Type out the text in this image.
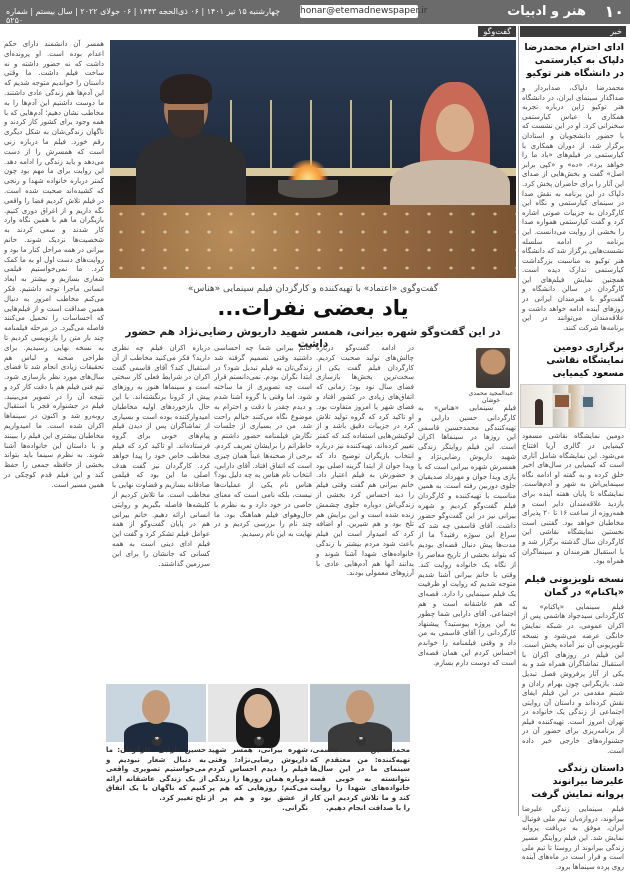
۱۰
هنر و ادبیات
honar@etemadnewspaper.ir
چهارشنبه ۱۵ تیر ۱۴۰۱ | ۰۶ ذی‌الحجه ۱۴۴۳ | ۰۶ جولای ۲۰۲۲ | سال بیستم | شماره ۵۲۵۰
خبر
ادای احترام محمدرضا دلپاک به کیارستمی در دانشگاه هنر توکیو
محمدرضا دلپاک، صدابردار و صداگذار سینمای ایران، در دانشگاه هنر توکیو ژاپن درباره تجربه همکاری با عباس کیارستمی سخنرانی کرد. او در این نشست که با حضور دانشجویان و استادان برگزار شد، از دوران همکاری با کیارستمی در فیلم‌های «باد ما را خواهد برد»، «ده» و «کپی برابر اصل» گفت و بخش‌هایی از صدای این آثار را برای حاضران پخش کرد. دلپاک در این برنامه به نقش صدا در سینمای کیارستمی و نگاه این کارگردان به جزییات صوتی اشاره کرد و گفت کیارستمی همواره صدا را بخشی از روایت می‌دانست. این برنامه در ادامه سلسله نشست‌هایی برگزار شد که دانشگاه هنر توکیو به مناسبت بزرگداشت کیارستمی تدارک دیده است. همچنین نمایش فیلم‌های این کارگردان در سالن دانشگاه و گفت‌وگو با هنرمندان ایرانی در روزهای آینده ادامه خواهد داشت و علاقه‌مندان می‌توانند در این برنامه‌ها شرکت کنند.
برگزاری دومین نمایشگاه نقاشی مسعود کیمیایی
دومین نمایشگاه نقاشی مسعود کیمیایی در گالری آریا افتتاح می‌شود. این نمایشگاه شامل آثاری است که کیمیایی در سال‌های اخیر خلق کرده و به گفته او ادامه نگاه سینمایی‌اش به شهر و آدم‌هاست. نمایشگاه تا پایان هفته آینده برای بازدید علاقه‌مندان دایر است و همه‌روزه از ساعت ۱۶ تا ۲۰ پذیرای مخاطبان خواهد بود. گفتنی است نخستین نمایشگاه نقاشی این کارگردان سال گذشته برگزار شد و با استقبال هنرمندان و سینماگران همراه بود.
نسخه تلویزیونی فیلم «پاکنام» در گمان
فیلم سینمایی «پاکنام» به کارگردانی سیدجواد هاشمی پس از اکران عمومی، در شبکه نمایش خانگی عرضه می‌شود و نسخه تلویزیونی آن نیز آماده پخش است. این فیلم در روزهای اکران با استقبال تماشاگران همراه شد و به یکی از آثار پرفروش فصل تبدیل شد. بازیگرانی چون بهرام رادان و شبنم مقدمی در این فیلم ایفای نقش کرده‌اند و داستان آن روایتی اجتماعی از زندگی یک خانواده در تهران امروز است. تهیه‌کننده فیلم از برنامه‌ریزی برای حضور آن در جشنواره‌های خارجی خبر داده است.
داستان زندگی علیرضا بیرانوند پروانه نمایش گرفت
فیلم سینمایی زندگی علیرضا بیرانوند، دروازه‌بان تیم ملی فوتبال ایران، موفق به دریافت پروانه نمایش شد. این فیلم روایتگر مسیر زندگی بیرانوند از روستا تا تیم ملی است و قرار است در ماه‌های آینده روی پرده سینماها برود.
گفت‌وگو
گفت‌وگوی «اعتماد» با تهیه‌کننده و کارگردان فیلم سینمایی «هناس»
یاد بعضی نفرات...
در این گفت‌وگو شهره بیرانی، همسر شهید داریوش رضایی‌نژاد هم حضور داشت

همسر آن دانشمند دارای حکم اعدام بوده است. او پرونده‌ای داشت که نه حضور داشته و نه ساخت فیلم داشت. ما وقتی داستان را خواندیم متوجه شدیم که این آدم‌ها هم زندگی عادی داشتند. ما دوست داشتیم این آدم‌ها را به مخاطب نشان دهیم؛ آدم‌هایی که با همه وجود برای کشور کار کردند و ناگهان زندگی‌شان به شکل دیگری رقم خورد. فیلم ما درباره زنی است که همسرش را از دست می‌دهد و باید زندگی را ادامه دهد. این روایت برای ما مهم بود چون کمتر درباره خانواده شهدا و رنجی که کشیده‌اند صحبت شده است. در فیلم تلاش کردیم فضا را واقعی نگه داریم و از اغراق دوری کنیم. بازیگران ما هم با همین نگاه وارد کار شدند و سعی کردند به شخصیت‌ها نزدیک شوند. خانم بیرانی در همه مراحل کنار ما بود و روایت‌های دست اول او به ما کمک کرد. ما نمی‌خواستیم فیلمی شعاری بسازیم و بیشتر به ابعاد انسانی ماجرا توجه داشتیم. فکر می‌کنم مخاطب امروز به دنبال همین صداقت است و از فیلم‌هایی که احساسات را تحمیل می‌کنند فاصله می‌گیرد. در مرحله فیلمنامه چند بار متن را بازنویسی کردیم تا به نسخه نهایی رسیدیم. برای طراحی صحنه و لباس هم تحقیقات زیادی انجام شد تا فضای سال‌های مورد نظر بازسازی شود. تیم فنی فیلم هم با دقت کار کرد و نتیجه آن را در تصویر می‌بینید. فیلم در جشنواره فجر با استقبال روبه‌رو شد و اکنون در سینماها اکران شده است. ما امیدواریم مخاطبان بیشتری این فیلم را ببینند و با داستان این خانواده‌ها آشنا شوند. به نظرم سینما باید بتواند بخشی از حافظه جمعی را حفظ کند و این فیلم قدم کوچکی در همین مسیر است.

فیلم سینمایی «هناس» به کارگردانی حسین دارابی و تهیه‌کنندگی محمدحسین قاسمی این روزها در سینماها اکران است. این فیلم روایتگر زندگی شهید داریوش رضایی‌نژاد و همسرش شهره بیرانی است که با بازی ویدا جوان و مهرداد صدیقیان جلوی دوربین رفته است. به همین مناسبت با تهیه‌کننده و کارگردان فیلم گفت‌وگو کردیم و شهره بیرانی نیز در این گفت‌وگو حضور داشت. آقای قاسمی چه شد که سراغ این سوژه رفتید؟ ما از مدت‌ها پیش دنبال قصه‌ای بودیم که بتواند بخشی از تاریخ معاصر را از نگاه یک خانواده روایت کند. وقتی با خانم بیرانی آشنا شدیم متوجه شدیم که روایت او ظرفیت یک فیلم سینمایی را دارد. قصه‌ای که هم عاشقانه است و هم اجتماعی. آقای دارابی شما چطور به این پروژه پیوستید؟ پیشنهاد کارگردانی را آقای قاسمی به من داد و وقتی فیلمنامه را خواندم احساس کردم این همان قصه‌ای است که دوست دارم بسازم.

عبدالمجید محمدی خوشان

در ادامه گفت‌وگو درباره چالش‌های تولید صحبت کردیم. کارگردان فیلم گفت یکی از سخت‌ترین بخش‌ها بازسازی فضای سال نود بود؛ زمانی که اتفاق‌های زیادی در کشور افتاد و فضای شهر با امروز متفاوت بود. او تاکید کرد که گروه تولید تلاش کرد در جزییات دقیق باشد و از لوکیشن‌هایی استفاده کند که کمتر تغییر کرده‌اند. تهیه‌کننده نیز درباره انتخاب بازیگران توضیح داد که ویدا جوان از ابتدا گزینه اصلی بود و حضورش به فیلم اعتبار داد. خانم بیرانی هم گفت وقتی فیلم را دید احساس کرد بخشی از زندگی‌اش دوباره جلوی چشمش زنده شده است و این برایش هم تلخ بود و هم شیرین. او اضافه کرد که امیدوار است این فیلم باعث شود مردم بیشتر با زندگی خانواده‌های شهدا آشنا شوند و بدانند آنها هم آدم‌هایی عادی با آرزوهای معمولی بودند.

خانم بیرانی شما چه احساسی داشتید وقتی تصمیم گرفته شد زندگی‌تان به فیلم تبدیل شود؟ در ابتدا نگران بودم. نمی‌دانستم قرار است چه تصویری از ما ساخته شود. اما وقتی با گروه آشنا شدم و دیدم چقدر با دقت و احترام به موضوع نگاه می‌کنند خیالم راحت شد. من در بسیاری از جلسات نگارش فیلمنامه حضور داشتم و خاطراتم را برایشان تعریف کردم. برخی از صحنه‌ها عیناً همان چیزی است که اتفاق افتاد. آقای دارابی، انتخاب نام هناس به چه دلیل بود؟ هناس نام یکی از عملیات‌ها نیست، بلکه نامی است که معنای خاصی در خود دارد و به نظرم با حال‌وهوای فیلم هماهنگ بود. ما چند نام را بررسی کردیم و در نهایت به این نام رسیدیم.

درباره اکران فیلم چه نظری دارید؟ فکر می‌کنید مخاطب از آن استقبال کند؟ آقای قاسمی گفت اکران در شرایط فعلی کار سختی است و سینماها هنوز به روزهای پیش از کرونا برنگشته‌اند. با این حال بازخوردهای اولیه مخاطبان امیدوارکننده بوده است و بسیاری از تماشاگران پس از دیدن فیلم پیام‌های خوبی برای گروه فرستاده‌اند. او تاکید کرد که فیلم مخاطب خاص خود را پیدا خواهد کرد. کارگردان نیز گفت هدف اصلی ما این بود که فیلمی صادقانه بسازیم و قضاوت نهایی با مخاطب است. ما تلاش کردیم از کلیشه‌ها فاصله بگیریم و روایتی انسانی ارائه دهیم. خانم بیرانی هم در پایان گفت‌وگو از همه عوامل فیلم تشکر کرد و گفت این فیلم ادای دینی است به همه کسانی که جانشان را برای این سرزمین گذاشتند.

❞
محمدحسین قاسمی، تهیه‌کننده: من معتقدم که سینمای ما در این سال‌ها نتوانسته به خوبی قصه خانواده‌های شهدا را روایت کند و ما تلاش کردیم این کار را با صداقت انجام دهیم.
❞
شهره بیرانی، همسر شهید داریوش رضایی‌نژاد: وقتی فیلم را دیدم احساس کردم دوباره همان روزها را زندگی می‌کنم؛ روزهایی که هم پر از عشق بود و هم پر از نگرانی.
❞
حسین دارابی، کارگردان: ما به دنبال شعار نبودیم و می‌خواستیم تصویری واقعی از یک زندگی عاشقانه ارائه کنیم که ناگهان با یک اتفاق تلخ تغییر کرد.
